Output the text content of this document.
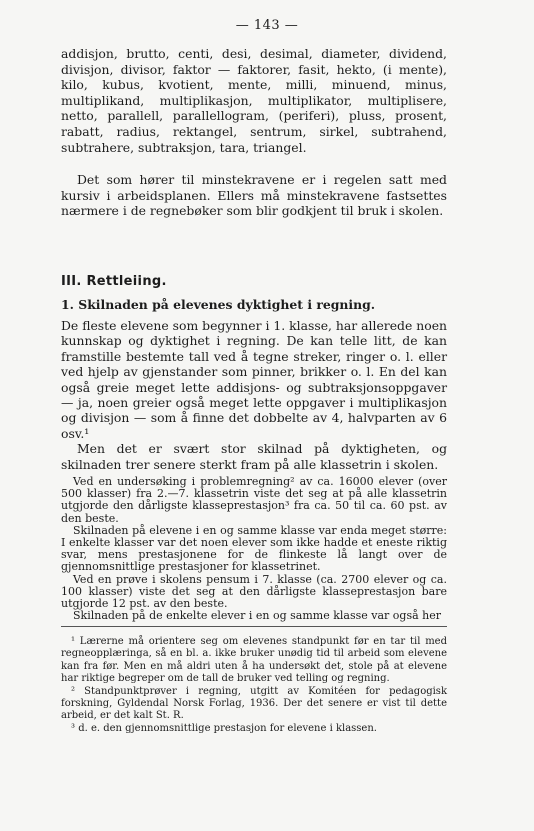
— 143 —

addisjon, brutto, centi, desi, desimal, diameter, dividend, divisjon, divisor, faktor — faktorer, fasit, hekto, (i mente), kilo, kubus, kvotient, mente, milli, minuend, minus, multiplikand, multiplikasjon, multiplikator, multiplisere, netto, parallell, parallellogram, (periferi), pluss, prosent, rabatt, radius, rektangel, sentrum, sirkel, subtrahend, subtrahere, subtraksjon, tara, triangel.

Det som hører til minstekravene er i regelen satt med kursiv i arbeidsplanen. Ellers må minstekravene fastsettes nærmere i de regnebøker som blir godkjent til bruk i skolen.

III. Rettleiing.
1. Skilnaden på elevenes dyktighet i regning.

De fleste elevene som begynner i 1. klasse, har allerede noen kunnskap og dyktighet i regning. De kan telle litt, de kan framstille bestemte tall ved å tegne streker, ringer o. l. eller ved hjelp av gjenstander som pinner, brikker o. l. En del kan også greie meget lette addisjons- og subtraksjonsoppgaver — ja, noen greier også meget lette oppgaver i multiplikasjon og divisjon — som å finne det dobbelte av 4, halvparten av 6 osv.¹

Men det er svært stor skilnad på dyktigheten, og skilnaden trer senere sterkt fram på alle klassetrin i skolen.

Ved en undersøking i problemregning² av ca. 16000 elever (over 500 klasser) fra 2.—7. klassetrin viste det seg at på alle klassetrin utgjorde den dårligste klasseprestasjon³ fra ca. 50 til ca. 60 pst. av den beste.

Skilnaden på elevene i en og samme klasse var enda meget større: I enkelte klasser var det noen elever som ikke hadde et eneste riktig svar, mens prestasjonene for de flinkeste lå langt over de gjennomsnittlige prestasjoner for klassetrinet.

Ved en prøve i skolens pensum i 7. klasse (ca. 2700 elever og ca. 100 klasser) viste det seg at den dårligste klasseprestasjon bare utgjorde 12 pst. av den beste.

Skilnaden på de enkelte elever i en og samme klasse var også her

¹ Lærerne må orientere seg om elevenes standpunkt før en tar til med regneopplæringa, så en bl. a. ikke bruker unødig tid til arbeid som elevene kan fra før. Men en må aldri uten å ha undersøkt det, stole på at elevene har riktige begreper om de tall de bruker ved telling og regning.

² Standpunktprøver i regning, utgitt av Komitéen for pedagogisk forskning, Gyldendal Norsk Forlag, 1936. Der det senere er vist til dette arbeid, er det kalt St. R.

³ d. e. den gjennomsnittlige prestasjon for elevene i klassen.
